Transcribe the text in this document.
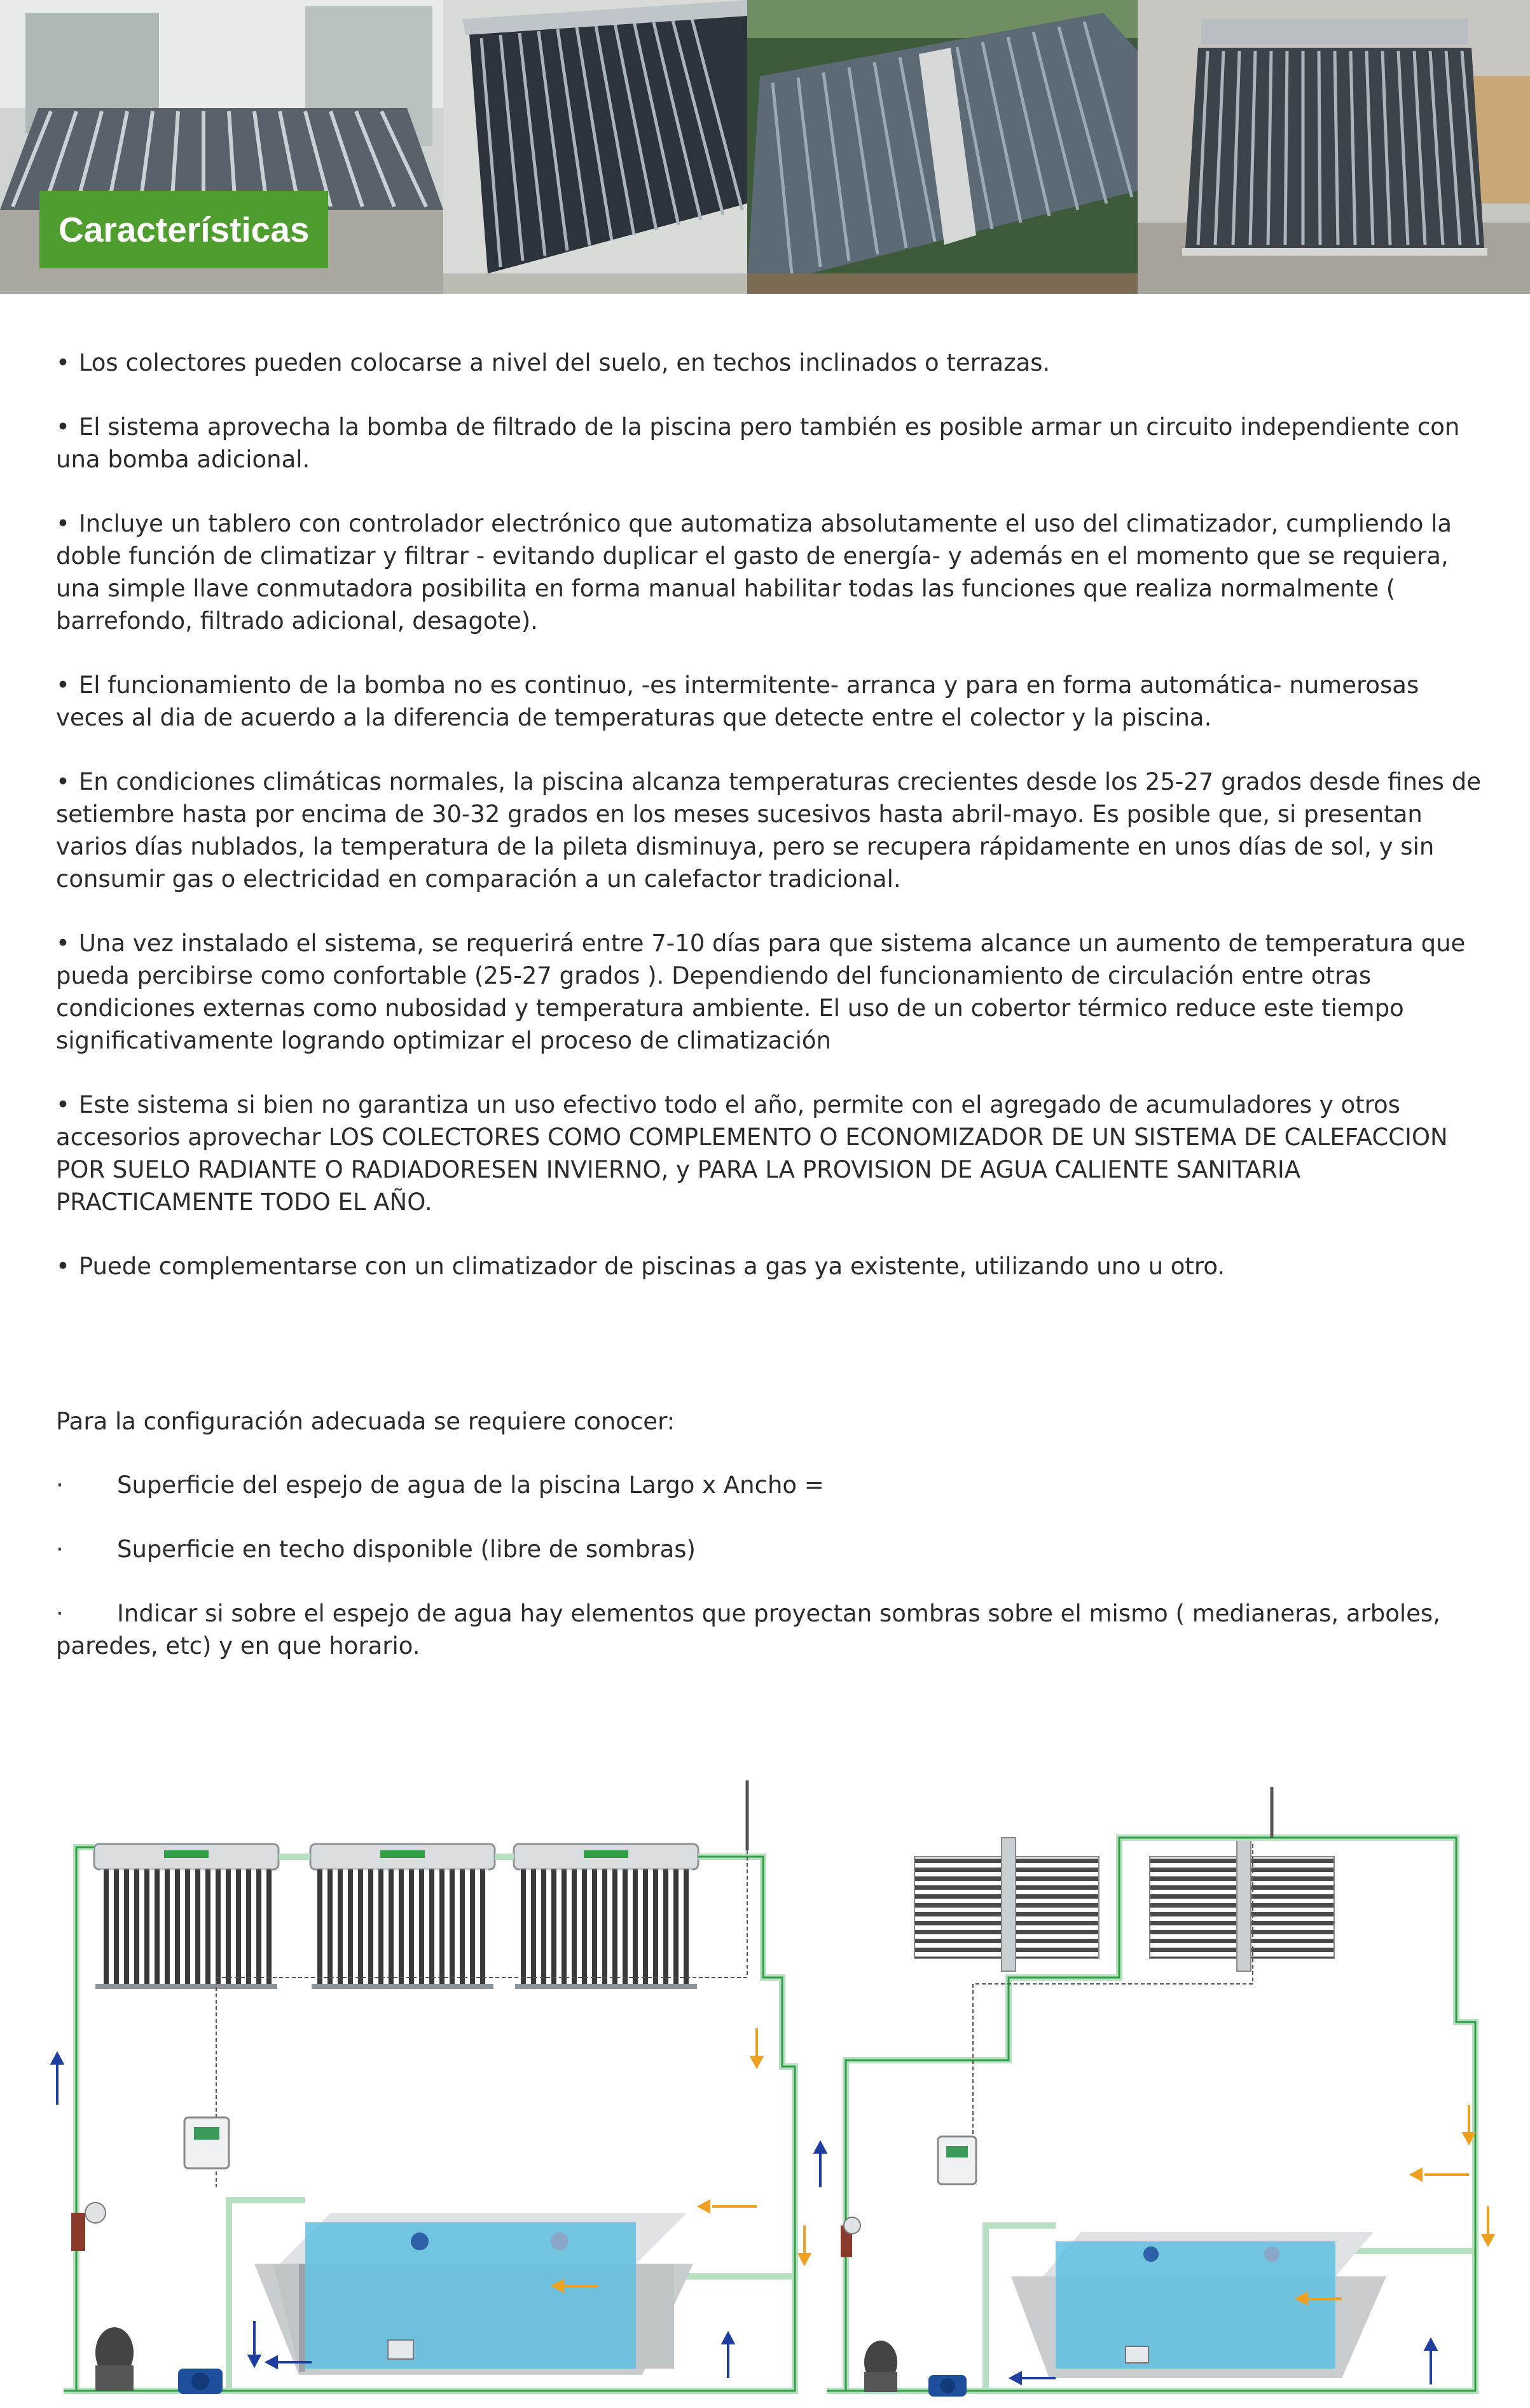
Características

• Los colectores pueden colocarse a nivel del suelo, en techos inclinados o terrazas.

• El sistema aprovecha la bomba de filtrado de la piscina pero también es posible armar un circuito independiente con una bomba adicional.

• Incluye un tablero con controlador electrónico que automatiza absolutamente el uso del climatizador, cumpliendo la doble función de climatizar y filtrar - evitando duplicar el gasto de energía- y además en el momento que se requiera, una simple llave conmutadora posibilita en forma manual habilitar todas las funciones que realiza normalmente ( barrefondo, filtrado adicional, desagote).

• El funcionamiento de la bomba no es continuo, -es intermitente- arranca y para en forma automática- numerosas veces al dia de acuerdo a la diferencia de temperaturas que detecte entre el colector y la piscina.

• En condiciones climáticas normales, la piscina alcanza temperaturas crecientes desde los 25-27 grados desde fines de setiembre hasta por encima de 30-32 grados en los meses sucesivos hasta abril-mayo. Es posible que, si presentan varios días nublados, la temperatura de la pileta disminuya, pero se recupera rápidamente en unos días de sol, y sin consumir gas o electricidad en comparación a un calefactor tradicional.

• Una vez instalado el sistema, se requerirá entre 7-10 días para que sistema alcance un aumento de temperatura que pueda percibirse como confortable (25-27 grados ). Dependiendo del funcionamiento de circulación entre otras condiciones externas como nubosidad y temperatura ambiente. El uso de un cobertor térmico reduce este tiempo significativamente logrando optimizar el proceso de climatización

• Este sistema si bien no garantiza un uso efectivo todo el año, permite con el agregado de acumuladores y otros accesorios aprovechar LOS COLECTORES COMO COMPLEMENTO O ECONOMIZADOR DE UN SISTEMA DE CALEFACCION POR SUELO RADIANTE O RADIADORESEN INVIERNO, y PARA LA PROVISION DE AGUA CALIENTE SANITARIA PRACTICAMENTE TODO EL AÑO.

• Puede complementarse con un climatizador de piscinas a gas ya existente, utilizando uno u otro.

Para la configuración adecuada se requiere conocer:
· Superficie del espejo de agua de la piscina Largo x Ancho =
· Superficie en techo disponible (libre de sombras)
· Indicar si sobre el espejo de agua hay elementos que proyectan sombras sobre el mismo ( medianeras, arboles, paredes, etc) y en que horario.
